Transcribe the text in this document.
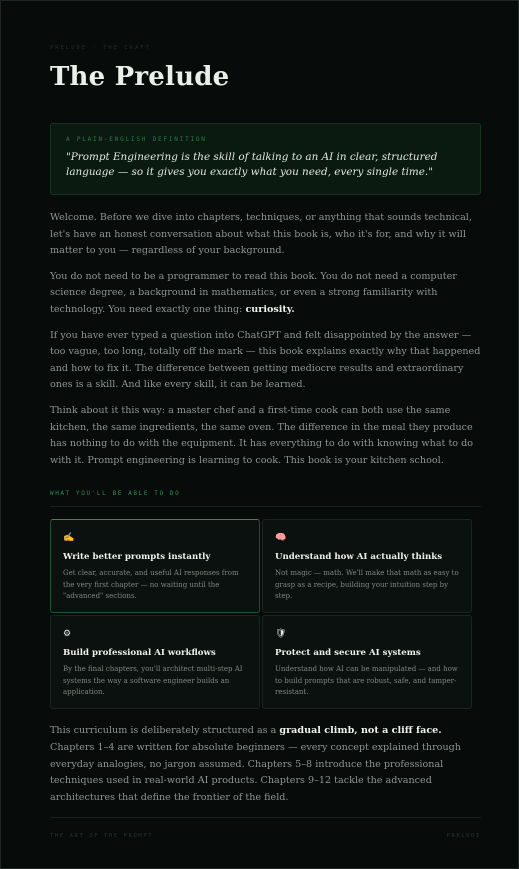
PRELUDE · THE CRAFT
The Prelude
A PLAIN-ENGLISH DEFINITION
"Prompt Engineering is the skill of talking to an AI in clear, structured language — so it gives you exactly what you need, every single time."

Welcome. Before we dive into chapters, techniques, or anything that sounds technical, let's have an honest conversation about what this book is, who it's for, and why it will matter to you — regardless of your background.

You do not need to be a programmer to read this book. You do not need a computer science degree, a background in mathematics, or even a strong familiarity with technology. You need exactly one thing: curiosity.

If you have ever typed a question into ChatGPT and felt disappointed by the answer — too vague, too long, totally off the mark — this book explains exactly why that happened and how to fix it. The difference between getting mediocre results and extraordinary ones is a skill. And like every skill, it can be learned.

Think about it this way: a master chef and a first-time cook can both use the same kitchen, the same ingredients, the same oven. The difference in the meal they produce has nothing to do with the equipment. It has everything to do with knowing what to do with it. Prompt engineering is learning to cook. This book is your kitchen school.

WHAT YOU'LL BE ABLE TO DO
✍
Write better prompts instantly
Get clear, accurate, and useful AI responses from the very first chapter — no waiting until the "advanced" sections.
🧠
Understand how AI actually thinks
Not magic — math. We'll make that math as easy to grasp as a recipe, building your intuition step by step.
⚙
Build professional AI workflows
By the final chapters, you'll architect multi-step AI systems the way a software engineer builds an application.
🛡
Protect and secure AI systems
Understand how AI can be manipulated — and how to build prompts that are robust, safe, and tamper-resistant.

This curriculum is deliberately structured as a gradual climb, not a cliff face. Chapters 1–4 are written for absolute beginners — every concept explained through everyday analogies, no jargon assumed. Chapters 5–8 introduce the professional techniques used in real-world AI products. Chapters 9–12 tackle the advanced architectures that define the frontier of the field.

THE ART OF THE PROMPT	PRELUDE
